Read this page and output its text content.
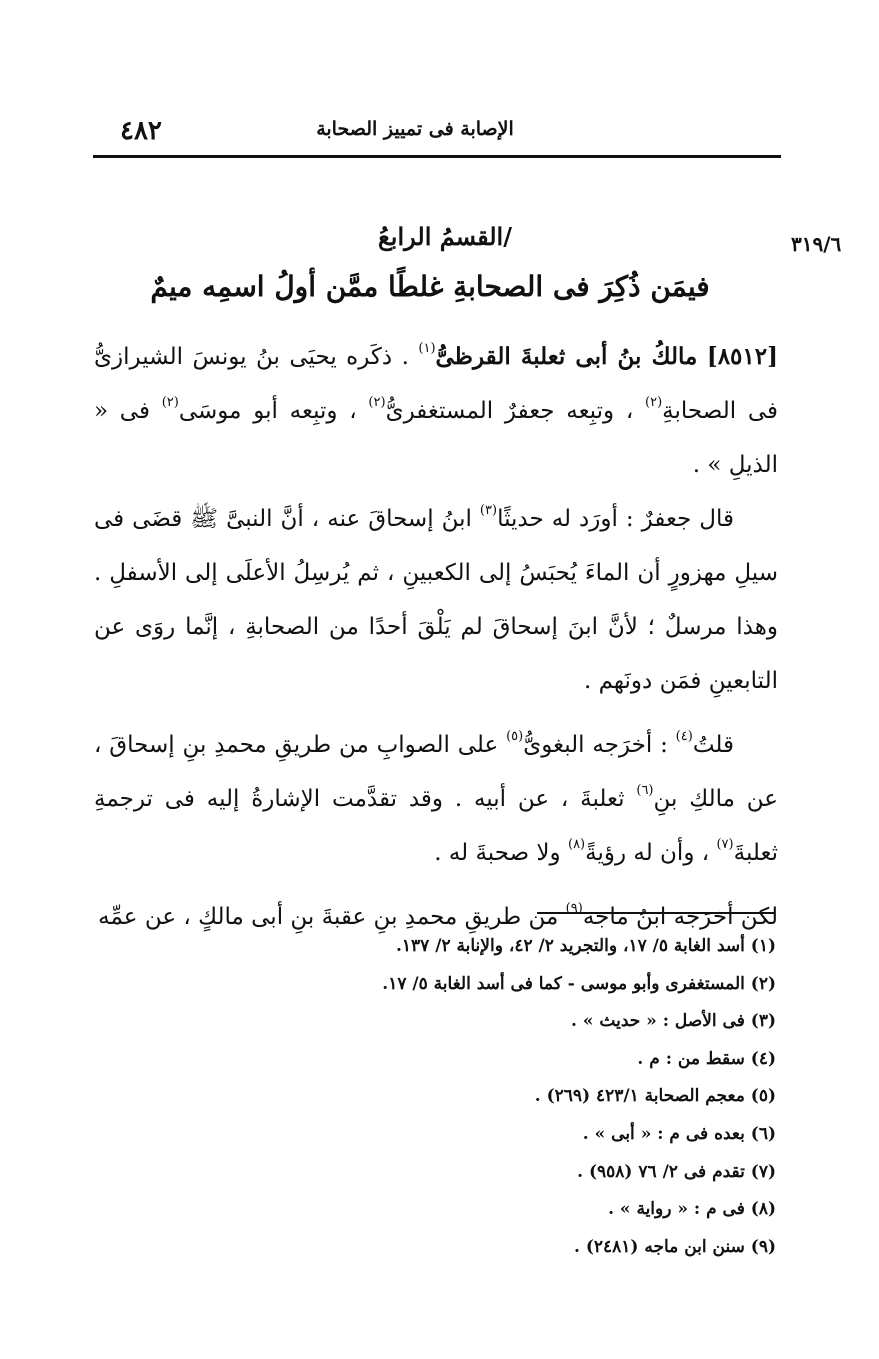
٤٨٢	الإصابة فى تمييز الصحابة
٣١٩/٦
/القسمُ الرابعُ
فيمَن ذُكِرَ فى الصحابةِ غلطًا ممَّن أولُ اسمِه ميمٌ

[٨٥١٢] مالكُ بنُ أبى ثعلبةَ القرظىُّ$^{(١)}$ . ذكَره يحيَى بنُ يونسَ الشيرازىُّ فى الصحابةِ$^{(٢)}$ ، وتبِعه جعفرٌ المستغفرىُّ$^{(٢)}$ ، وتبِعه أبو موسَى$^{(٢)}$ فى « الذيلِ » .

قال جعفرٌ : أورَد له حديثًا$^{(٣)}$ ابنُ إسحاقَ عنه ، أنَّ النبىَّ ﷺ قضَى فى سيلِ مهزورٍ أن الماءَ يُحبَسُ إلى الكعبينِ ، ثم يُرسِلُ الأعلَى إلى الأسفلِ . وهذا مرسلٌ ؛ لأنَّ ابنَ إسحاقَ لم يَلْقَ أحدًا من الصحابةِ ، إنَّما روَى عن التابعينِ فمَن دونَهم .

قلتُ$^{(٤)}$ : أخرَجه البغوىُّ$^{(٥)}$ على الصوابِ من طريقِ محمدِ بنِ إسحاقَ ، عن مالكِ بنِ$^{(٦)}$ ثعلبةَ ، عن أبيه . وقد تقدَّمت الإشارةُ إليه فى ترجمةِ ثعلبةَ$^{(٧)}$ ، وأن له رؤيةً$^{(٨)}$ ولا صحبةَ له .

لكن أخرَجه ابنُ ماجه$^{(٩)}$ من طريقِ محمدِ بنِ عقبةَ بنِ أبى مالكٍ ، عن عمِّه

(١) أسد الغابة ٥/ ١٧، والتجريد ٢/ ٤٢، والإنابة ٢/ ١٣٧.
(٢) المستغفرى وأبو موسى - كما فى أسد الغابة ٥/ ١٧.
(٣) فى الأصل : « حديث » .
(٤) سقط من : م .
(٥) معجم الصحابة ٤٢٣/١ (٢٦٩) .
(٦) بعده فى م : « أبى » .
(٧) تقدم فى ٢/ ٧٦ (٩٥٨) .
(٨) فى م : « رواية » .
(٩) سنن ابن ماجه (٢٤٨١) .
